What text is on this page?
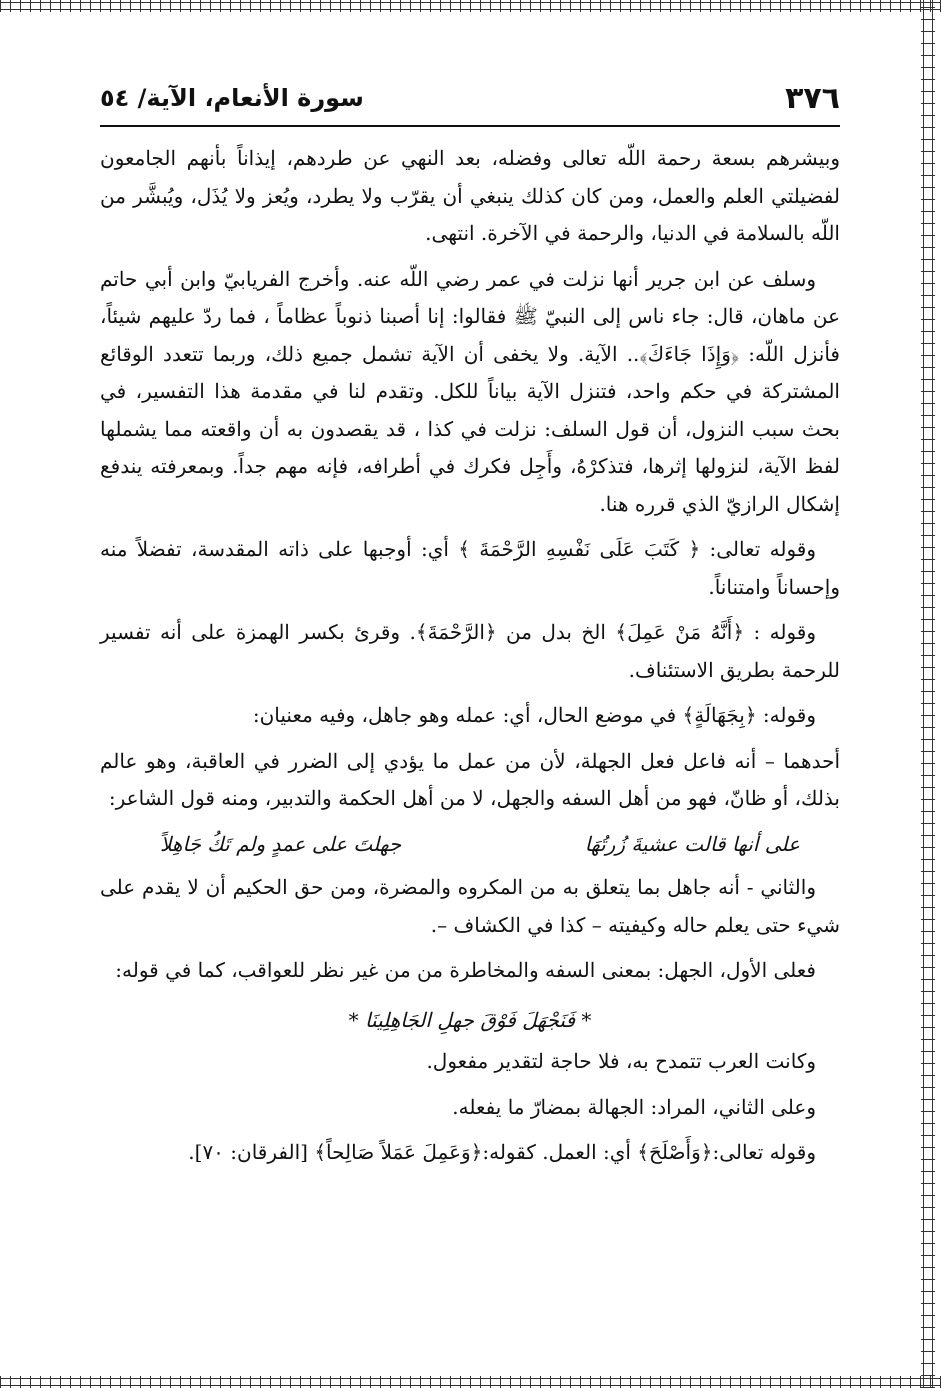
٣٧٦
سورة الأنعام، الآية/ ٥٤

وبيشرهم بسعة رحمة اللّه تعالى وفضله، بعد النهي عن طردهم، إيذاناً بأنهم الجامعون لفضيلتي العلم والعمل، ومن كان كذلك ينبغي أن يقرّب ولا يطرد، ويُعز ولا يُذَل، ويُبشَّر من اللّه بالسلامة في الدنيا، والرحمة في الآخرة. انتهى.

وسلف عن ابن جرير أنها نزلت في عمر رضي اللّه عنه. وأخرج الفريابيّ وابن أبي حاتم عن ماهان، قال: جاء ناس إلى النبيّ ﷺ فقالوا: إنا أصبنا ذنوباً عظاماً ، فما ردّ عليهم شيئاً، فأنزل اللّه: ﴿وَإِذَا جَاءَكَ﴾.. الآية. ولا يخفى أن الآية تشمل جميع ذلك، وربما تتعدد الوقائع المشتركة في حكم واحد، فتنزل الآية بياناً للكل. وتقدم لنا في مقدمة هذا التفسير، في بحث سبب النزول، أن قول السلف: نزلت في كذا ، قد يقصدون به أن واقعته مما يشملها لفظ الآية، لنزولها إثرها، فتذكرْهُ، وأَجِل فكرك في أطرافه، فإنه مهم جداً. وبمعرفته يندفع إشكال الرازيّ الذي قرره هنا.

وقوله تعالى: ﴿ كَتَبَ عَلَى نَفْسِهِ الرَّحْمَةَ ﴾ أي: أوجبها على ذاته المقدسة، تفضلاً منه وإحساناً وامتناناً.

وقوله : ﴿أَنَّهُ مَنْ عَمِلَ﴾ الخ بدل من ﴿الرَّحْمَةَ﴾. وقرئ بكسر الهمزة على أنه تفسير للرحمة بطريق الاستئناف.

وقوله: ﴿بِجَهَالَةٍ﴾ في موضع الحال، أي: عمله وهو جاهل، وفيه معنيان:

أحدهما – أنه فاعل فعل الجهلة، لأن من عمل ما يؤدي إلى الضرر في العاقبة، وهو عالم بذلك، أو ظانّ، فهو من أهل السفه والجهل، لا من أهل الحكمة والتدبير، ومنه قول الشاعر:

على أنها قالت عشيةَ زُرتُهَا
جهلتَ على عمدٍ ولم تَكُ جَاهِلاً

والثاني - أنه جاهل بما يتعلق به من المكروه والمضرة، ومن حق الحكيم أن لا يقدم على شيء حتى يعلم حاله وكيفيته – كذا في الكشاف –.

فعلى الأول، الجهل: بمعنى السفه والمخاطرة من من غير نظر للعواقب، كما في قوله:

* فَنَجْهَلَ فَوْقَ جهلِ الجَاهِلِينَا *

وكانت العرب تتمدح به، فلا حاجة لتقدير مفعول.

وعلى الثاني، المراد: الجهالة بمضارّ ما يفعله.

وقوله تعالى:﴿وَأَصْلَحَ﴾ أي: العمل. كقوله:﴿وَعَمِلَ عَمَلاً صَالِحاً﴾ [الفرقان: ٧٠].
